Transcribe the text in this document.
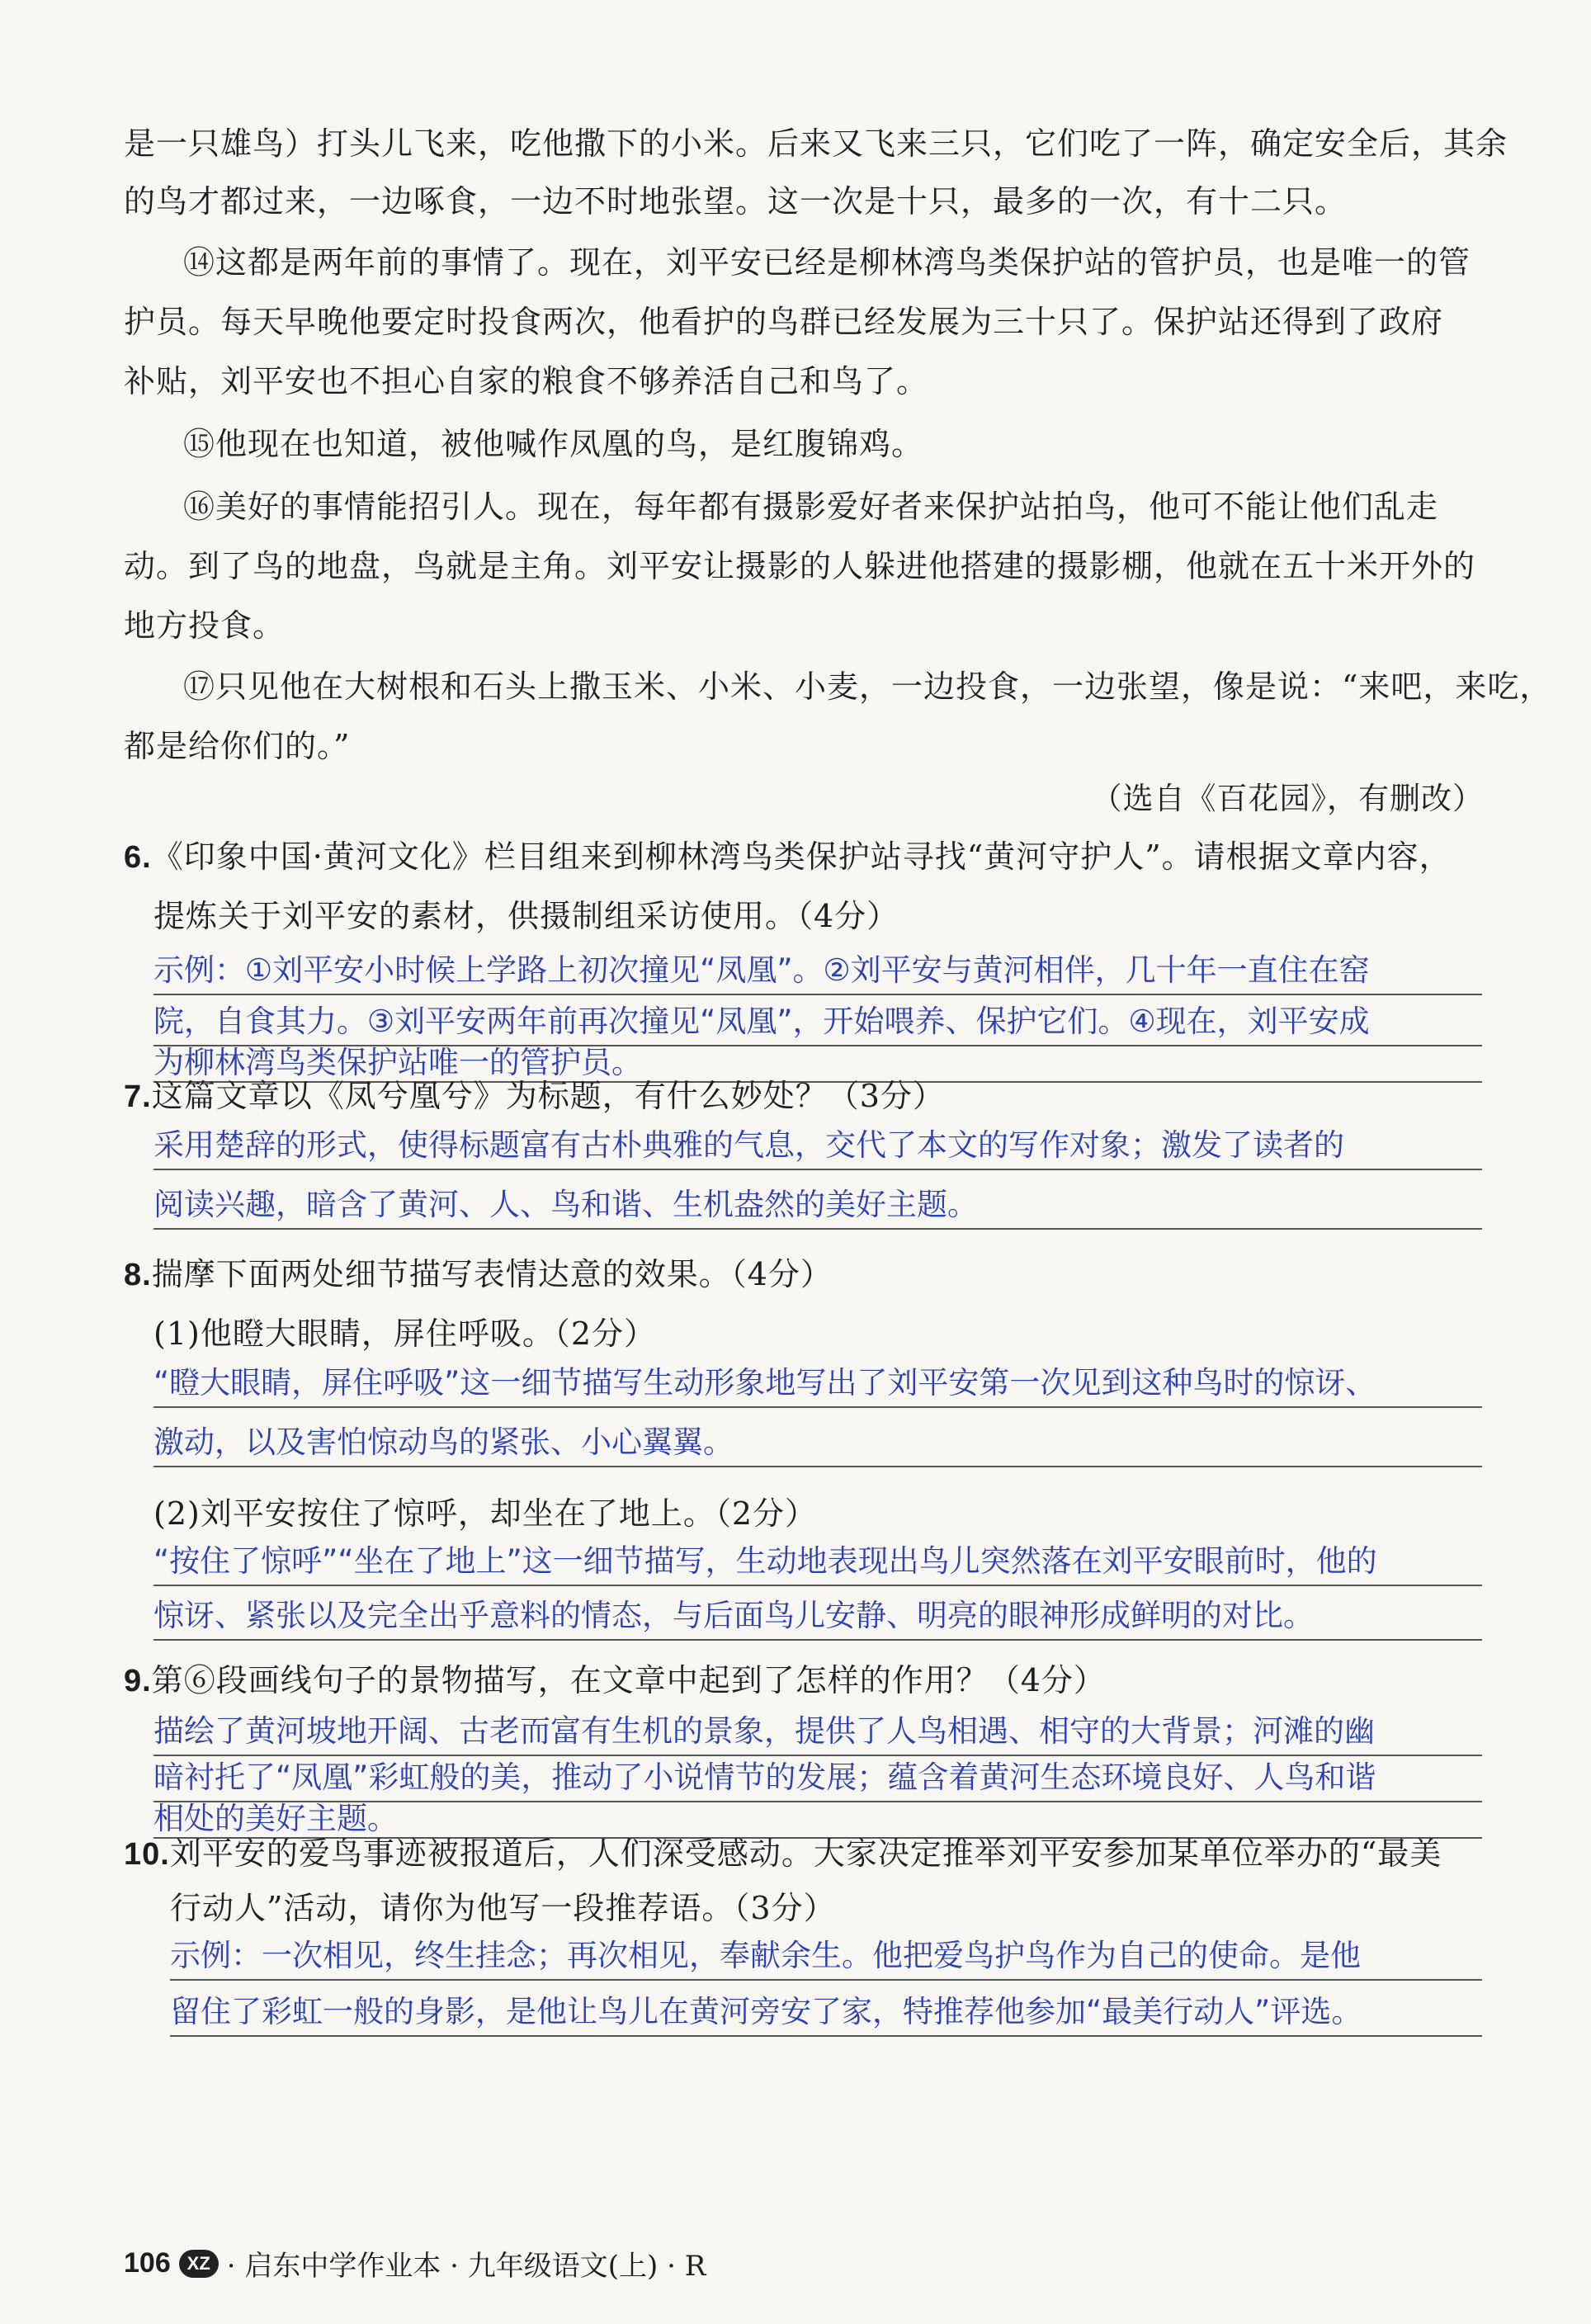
是一只雄鸟）打头儿飞来，吃他撒下的小米。后来又飞来三只，它们吃了一阵，确定安全后，其余
的鸟才都过来，一边啄食，一边不时地张望。这一次是十只，最多的一次，有十二只。
⑭这都是两年前的事情了。现在，刘平安已经是柳林湾鸟类保护站的管护员，也是唯一的管
护员。每天早晚他要定时投食两次，他看护的鸟群已经发展为三十只了。保护站还得到了政府
补贴，刘平安也不担心自家的粮食不够养活自己和鸟了。
⑮他现在也知道，被他喊作凤凰的鸟，是红腹锦鸡。
⑯美好的事情能招引人。现在，每年都有摄影爱好者来保护站拍鸟，他可不能让他们乱走
动。到了鸟的地盘，鸟就是主角。刘平安让摄影的人躲进他搭建的摄影棚，他就在五十米开外的
地方投食。
⑰只见他在大树根和石头上撒玉米、小米、小麦，一边投食，一边张望，像是说：“来吧，来吃，
都是给你们的。”
（选自《百花园》，有删改）
6.《印象中国·黄河文化》栏目组来到柳林湾鸟类保护站寻找“黄河守护人”。请根据文章内容，
提炼关于刘平安的素材，供摄制组采访使用。（4分）
示例：①刘平安小时候上学路上初次撞见“凤凰”。②刘平安与黄河相伴，几十年一直住在窑
院，自食其力。③刘平安两年前再次撞见“凤凰”，开始喂养、保护它们。④现在，刘平安成
为柳林湾鸟类保护站唯一的管护员。
7.这篇文章以《凤兮凰兮》为标题，有什么妙处？（3分）
采用楚辞的形式，使得标题富有古朴典雅的气息，交代了本文的写作对象；激发了读者的
阅读兴趣，暗含了黄河、人、鸟和谐、生机盎然的美好主题。
8.揣摩下面两处细节描写表情达意的效果。（4分）
(1)他瞪大眼睛，屏住呼吸。（2分）
“瞪大眼睛，屏住呼吸”这一细节描写生动形象地写出了刘平安第一次见到这种鸟时的惊讶、
激动，以及害怕惊动鸟的紧张、小心翼翼。
(2)刘平安按住了惊呼，却坐在了地上。（2分）
“按住了惊呼”“坐在了地上”这一细节描写，生动地表现出鸟儿突然落在刘平安眼前时，他的
惊讶、紧张以及完全出乎意料的情态，与后面鸟儿安静、明亮的眼神形成鲜明的对比。
9.第⑥段画线句子的景物描写，在文章中起到了怎样的作用？（4分）
描绘了黄河坡地开阔、古老而富有生机的景象，提供了人鸟相遇、相守的大背景；河滩的幽
暗衬托了“凤凰”彩虹般的美，推动了小说情节的发展；蕴含着黄河生态环境良好、人鸟和谐
相处的美好主题。
10.刘平安的爱鸟事迹被报道后，人们深受感动。大家决定推举刘平安参加某单位举办的“最美
行动人”活动，请你为他写一段推荐语。（3分）
示例：一次相见，终生挂念；再次相见，奉献余生。他把爱鸟护鸟作为自己的使命。是他
留住了彩虹一般的身影，是他让鸟儿在黄河旁安了家，特推荐他参加“最美行动人”评选。
106 XZ · 启东中学作业本 · 九年级语文(上) · R
